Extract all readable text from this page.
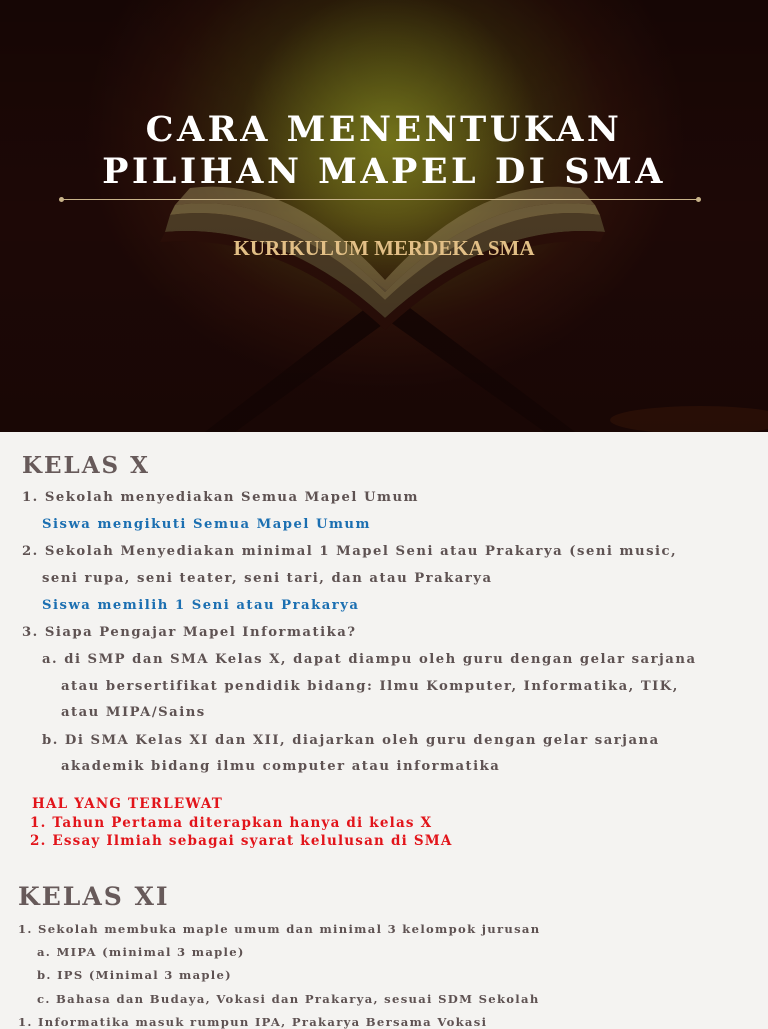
CARA MENENTUKAN
PILIHAN MAPEL DI SMA

KURIKULUM MERDEKA SMA

KELAS X

1. Sekolah menyediakan Semua Mapel Umum

Siswa mengikuti Semua Mapel Umum

2. Sekolah Menyediakan minimal 1 Mapel Seni atau Prakarya (seni music,

seni rupa, seni teater, seni tari, dan atau Prakarya

Siswa memilih 1 Seni atau Prakarya

3. Siapa Pengajar Mapel Informatika?

a. di SMP dan SMA Kelas X, dapat diampu oleh guru dengan gelar sarjana

atau bersertifikat pendidik bidang: Ilmu Komputer, Informatika, TIK,

atau MIPA/Sains

b. Di SMA Kelas XI dan XII, diajarkan oleh guru dengan gelar sarjana

akademik bidang ilmu computer atau informatika

HAL YANG TERLEWAT

1. Tahun Pertama diterapkan hanya di kelas X

2. Essay Ilmiah sebagai syarat kelulusan di SMA

KELAS XI

1. Sekolah membuka maple umum dan minimal 3 kelompok jurusan

a. MIPA (minimal 3 maple)

b. IPS (Minimal 3 maple)

c. Bahasa dan Budaya, Vokasi dan Prakarya, sesuai SDM Sekolah

1. Informatika masuk rumpun IPA, Prakarya Bersama Vokasi
